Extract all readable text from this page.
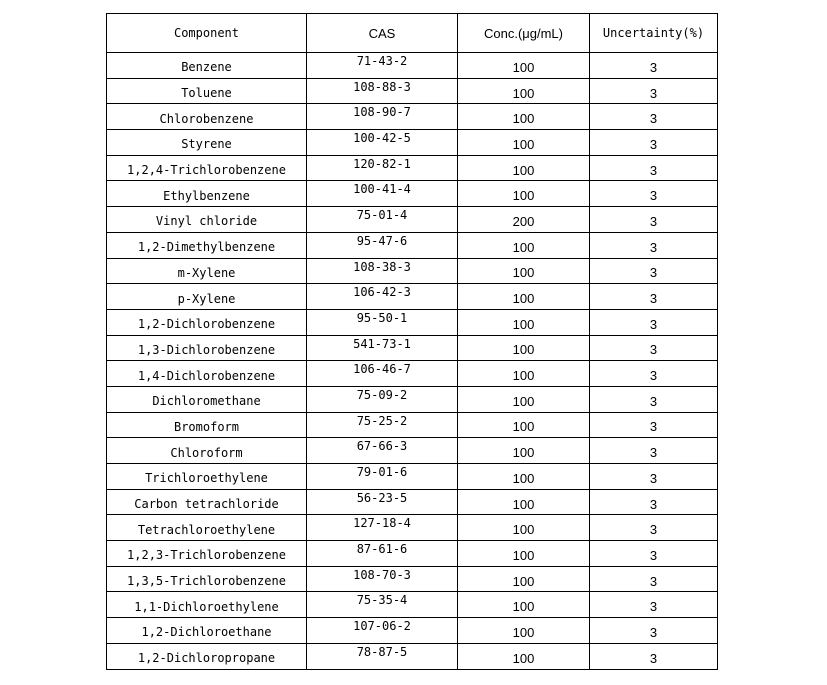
Component	CAS	Conc.(μg/mL)	Uncertainty(%)
Benzene	71-43-2	100	3
Toluene	108-88-3	100	3
Chlorobenzene	108-90-7	100	3
Styrene	100-42-5	100	3
1,2,4-Trichlorobenzene	120-82-1	100	3
Ethylbenzene	100-41-4	100	3
Vinyl chloride	75-01-4	200	3
1,2-Dimethylbenzene	95-47-6	100	3
m-Xylene	108-38-3	100	3
p-Xylene	106-42-3	100	3
1,2-Dichlorobenzene	95-50-1	100	3
1,3-Dichlorobenzene	541-73-1	100	3
1,4-Dichlorobenzene	106-46-7	100	3
Dichloromethane	75-09-2	100	3
Bromoform	75-25-2	100	3
Chloroform	67-66-3	100	3
Trichloroethylene	79-01-6	100	3
Carbon tetrachloride	56-23-5	100	3
Tetrachloroethylene	127-18-4	100	3
1,2,3-Trichlorobenzene	87-61-6	100	3
1,3,5-Trichlorobenzene	108-70-3	100	3
1,1-Dichloroethylene	75-35-4	100	3
1,2-Dichloroethane	107-06-2	100	3
1,2-Dichloropropane	78-87-5	100	3
